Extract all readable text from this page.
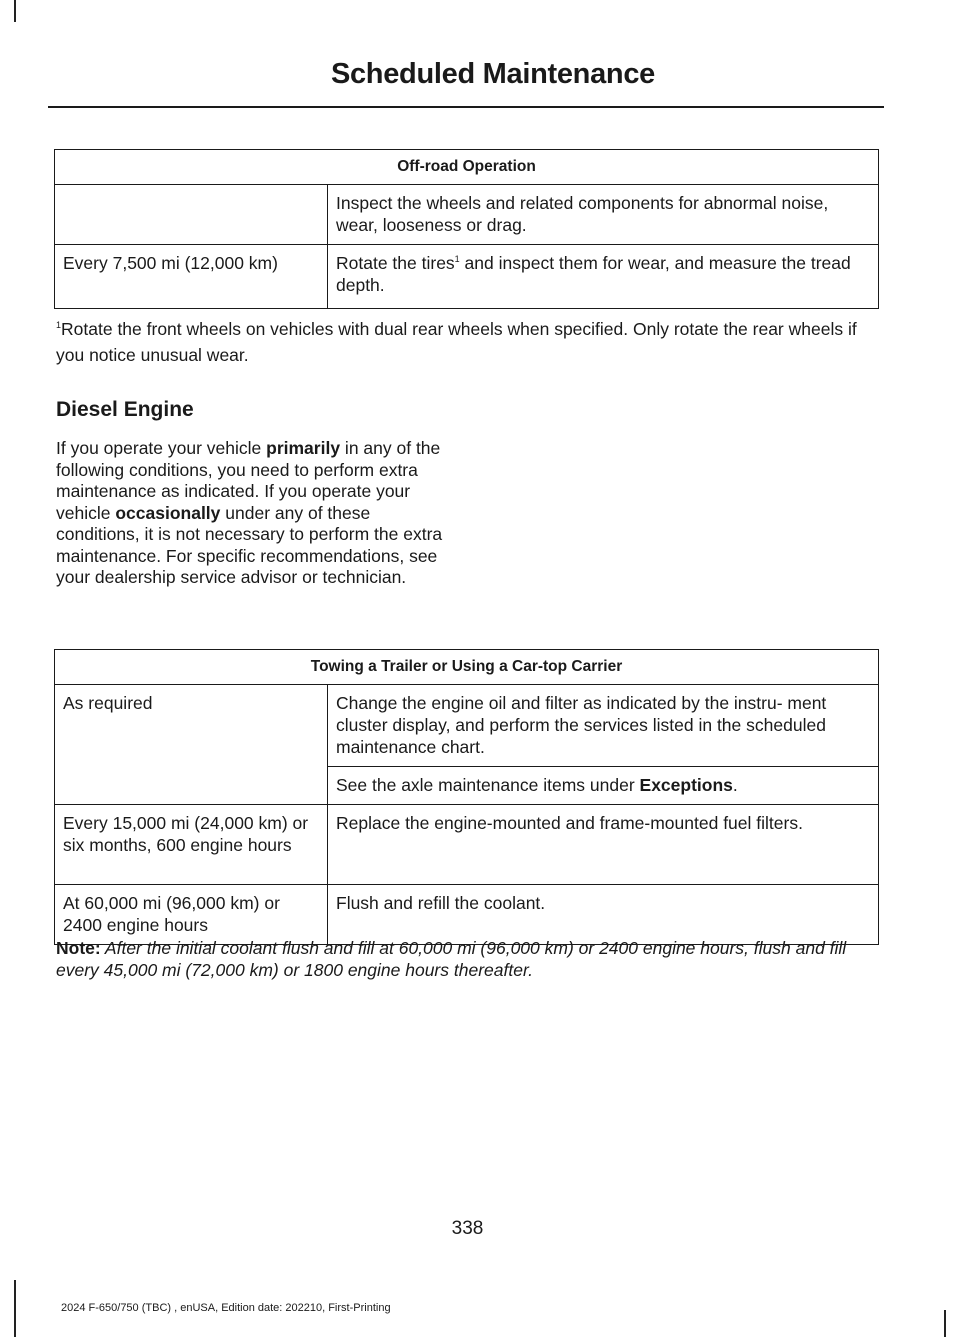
Scheduled Maintenance
Off-road Operation	
	Inspect the wheels and related components for abnormal noise, wear, looseness or drag.
Every 7,500 mi (12,000 km)	Rotate the tires$^1$ and inspect them for wear, and measure the tread depth.
$^1$Rotate the front wheels on vehicles with dual rear wheels when specified. Only rotate the rear wheels if you notice unusual wear.
Diesel Engine
If you operate your vehicle primarily in any of the following conditions, you need to perform extra maintenance as indicated. If you operate your vehicle occasionally under any of these conditions, it is not necessary to perform the extra maintenance. For specific recommendations, see your dealership service advisor or technician.
Towing a Trailer or Using a Car-top Carrier	
As required	Change the engine oil and filter as indicated by the instru- ment cluster display, and perform the services listed in the scheduled maintenance chart.
	See the axle maintenance items under Exceptions.
Every 15,000 mi (24,000 km) or six months, 600 engine hours	Replace the engine-mounted and frame-mounted fuel filters.
At 60,000 mi (96,000 km) or 2400 engine hours	Flush and refill the coolant.
Note: After the initial coolant flush and fill at 60,000 mi (96,000 km) or 2400 engine hours, flush and fill every 45,000 mi (72,000 km) or 1800 engine hours thereafter.
338
2024 F-650/750 (TBC) , enUSA, Edition date: 202210, First-Printing
